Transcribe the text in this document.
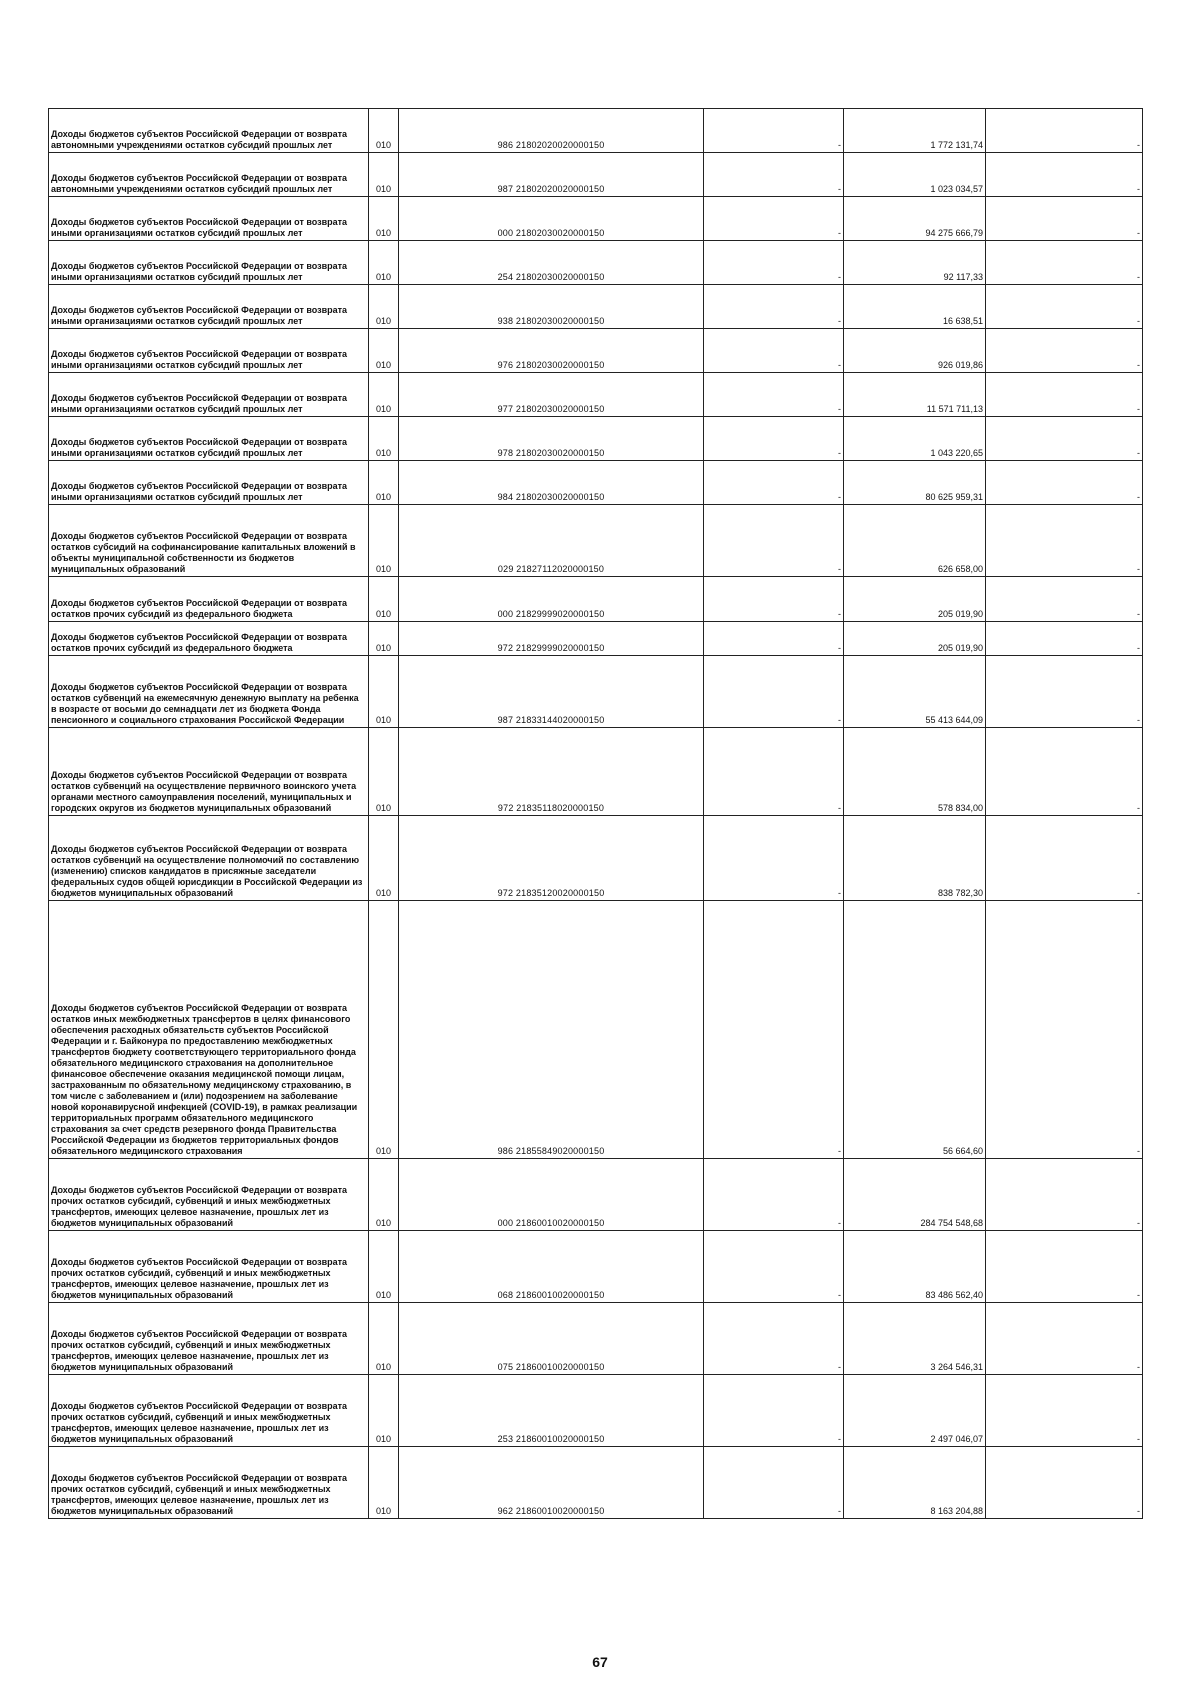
Доходы бюджетов субъектов Российской Федерации от возврата автономными учреждениями остатков субсидий прошлых лет	010	986 21802020020000150	-	1 772 131,74	-
Доходы бюджетов субъектов Российской Федерации от возврата автономными учреждениями остатков субсидий прошлых лет	010	987 21802020020000150	-	1 023 034,57	-
Доходы бюджетов субъектов Российской Федерации от возврата иными организациями остатков субсидий прошлых лет	010	000 21802030020000150	-	94 275 666,79	-
Доходы бюджетов субъектов Российской Федерации от возврата иными организациями остатков субсидий прошлых лет	010	254 21802030020000150	-	92 117,33	-
Доходы бюджетов субъектов Российской Федерации от возврата иными организациями остатков субсидий прошлых лет	010	938 21802030020000150	-	16 638,51	-
Доходы бюджетов субъектов Российской Федерации от возврата иными организациями остатков субсидий прошлых лет	010	976 21802030020000150	-	926 019,86	-
Доходы бюджетов субъектов Российской Федерации от возврата иными организациями остатков субсидий прошлых лет	010	977 21802030020000150	-	11 571 711,13	-
Доходы бюджетов субъектов Российской Федерации от возврата иными организациями остатков субсидий прошлых лет	010	978 21802030020000150	-	1 043 220,65	-
Доходы бюджетов субъектов Российской Федерации от возврата иными организациями остатков субсидий прошлых лет	010	984 21802030020000150	-	80 625 959,31	-
Доходы бюджетов субъектов Российской Федерации от возврата остатков субсидий на софинансирование капитальных вложений в объекты муниципальной собственности из бюджетов муниципальных образований	010	029 21827112020000150	-	626 658,00	-
Доходы бюджетов субъектов Российской Федерации от возврата остатков прочих субсидий из федерального бюджета	010	000 21829999020000150	-	205 019,90	-
Доходы бюджетов субъектов Российской Федерации от возврата остатков прочих субсидий из федерального бюджета	010	972 21829999020000150	-	205 019,90	-
Доходы бюджетов субъектов Российской Федерации от возврата остатков субвенций на ежемесячную денежную выплату на ребенка в возрасте от восьми до семнадцати лет из бюджета Фонда пенсионного и социального страхования Российской Федерации	010	987 21833144020000150	-	55 413 644,09	-
Доходы бюджетов субъектов Российской Федерации от возврата остатков субвенций на осуществление первичного воинского учета органами местного самоуправления поселений, муниципальных и городских округов из бюджетов муниципальных образований	010	972 21835118020000150	-	578 834,00	-
Доходы бюджетов субъектов Российской Федерации от возврата остатков субвенций на осуществление полномочий по составлению (изменению) списков кандидатов в присяжные заседатели федеральных судов общей юрисдикции в Российской Федерации из бюджетов муниципальных образований	010	972 21835120020000150	-	838 782,30	-
Доходы бюджетов субъектов Российской Федерации от возврата остатков иных межбюджетных трансфертов в целях финансового обеспечения расходных обязательств субъектов Российской Федерации и г. Байконура по предоставлению межбюджетных трансфертов бюджету соответствующего территориального фонда обязательного медицинского страхования на дополнительное финансовое обеспечение оказания медицинской помощи лицам, застрахованным по обязательному медицинскому страхованию, в том числе с заболеванием и (или) подозрением на заболевание новой коронавирусной инфекцией (COVID-19), в рамках реализации территориальных программ обязательного медицинского страхования за счет средств резервного фонда Правительства Российской Федерации из бюджетов территориальных фондов обязательного медицинского страхования	010	986 21855849020000150	-	56 664,60	-
Доходы бюджетов субъектов Российской Федерации от возврата прочих остатков субсидий, субвенций и иных межбюджетных трансфертов, имеющих целевое назначение, прошлых лет из бюджетов муниципальных образований	010	000 21860010020000150	-	284 754 548,68	-
Доходы бюджетов субъектов Российской Федерации от возврата прочих остатков субсидий, субвенций и иных межбюджетных трансфертов, имеющих целевое назначение, прошлых лет из бюджетов муниципальных образований	010	068 21860010020000150	-	83 486 562,40	-
Доходы бюджетов субъектов Российской Федерации от возврата прочих остатков субсидий, субвенций и иных межбюджетных трансфертов, имеющих целевое назначение, прошлых лет из бюджетов муниципальных образований	010	075 21860010020000150	-	3 264 546,31	-
Доходы бюджетов субъектов Российской Федерации от возврата прочих остатков субсидий, субвенций и иных межбюджетных трансфертов, имеющих целевое назначение, прошлых лет из бюджетов муниципальных образований	010	253 21860010020000150	-	2 497 046,07	-
Доходы бюджетов субъектов Российской Федерации от возврата прочих остатков субсидий, субвенций и иных межбюджетных трансфертов, имеющих целевое назначение, прошлых лет из бюджетов муниципальных образований	010	962 21860010020000150	-	8 163 204,88	-
67
